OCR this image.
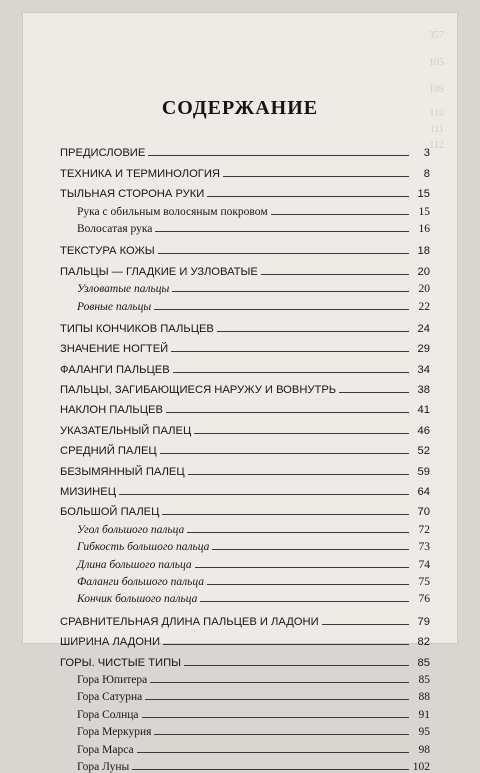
357
105
109
110
111
112
СОДЕРЖАНИЕ
ПРЕДИСЛОВИЕ	3
ТЕХНИКА И ТЕРМИНОЛОГИЯ	8
ТЫЛЬНАЯ СТОРОНА РУКИ	15
Рука с обильным волосяным покровом	15
Волосатая рука	16
ТЕКСТУРА КОЖЫ	18
ПАЛЬЦЫ — ГЛАДКИЕ И УЗЛОВАТЫЕ	20
Узловатые пальцы	20
Ровные пальцы	22
ТИПЫ КОНЧИКОВ ПАЛЬЦЕВ	24
ЗНАЧЕНИЕ НОГТЕЙ	29
ФАЛАНГИ ПАЛЬЦЕВ	34
ПАЛЬЦЫ, ЗАГИБАЮЩИЕСЯ НАРУЖУ И ВОВНУТРЬ	38
НАКЛОН ПАЛЬЦЕВ	41
УКАЗАТЕЛЬНЫЙ ПАЛЕЦ	46
СРЕДНИЙ ПАЛЕЦ	52
БЕЗЫМЯННЫЙ ПАЛЕЦ	59
МИЗИНЕЦ	64
БОЛЬШОЙ ПАЛЕЦ	70
Угол большого пальца	72
Гибкость большого пальца	73
Длина большого пальца	74
Фаланги большого пальца	75
Кончик большого пальца	76
СРАВНИТЕЛЬНАЯ ДЛИНА ПАЛЬЦЕВ И ЛАДОНИ	79
ШИРИНА ЛАДОНИ	82
ГОРЫ. ЧИСТЫЕ ТИПЫ	85
Гора Юпитера	85
Гора Сатурна	88
Гора Солнца	91
Гора Меркурия	95
Гора Марса	98
Гора Луны	102
